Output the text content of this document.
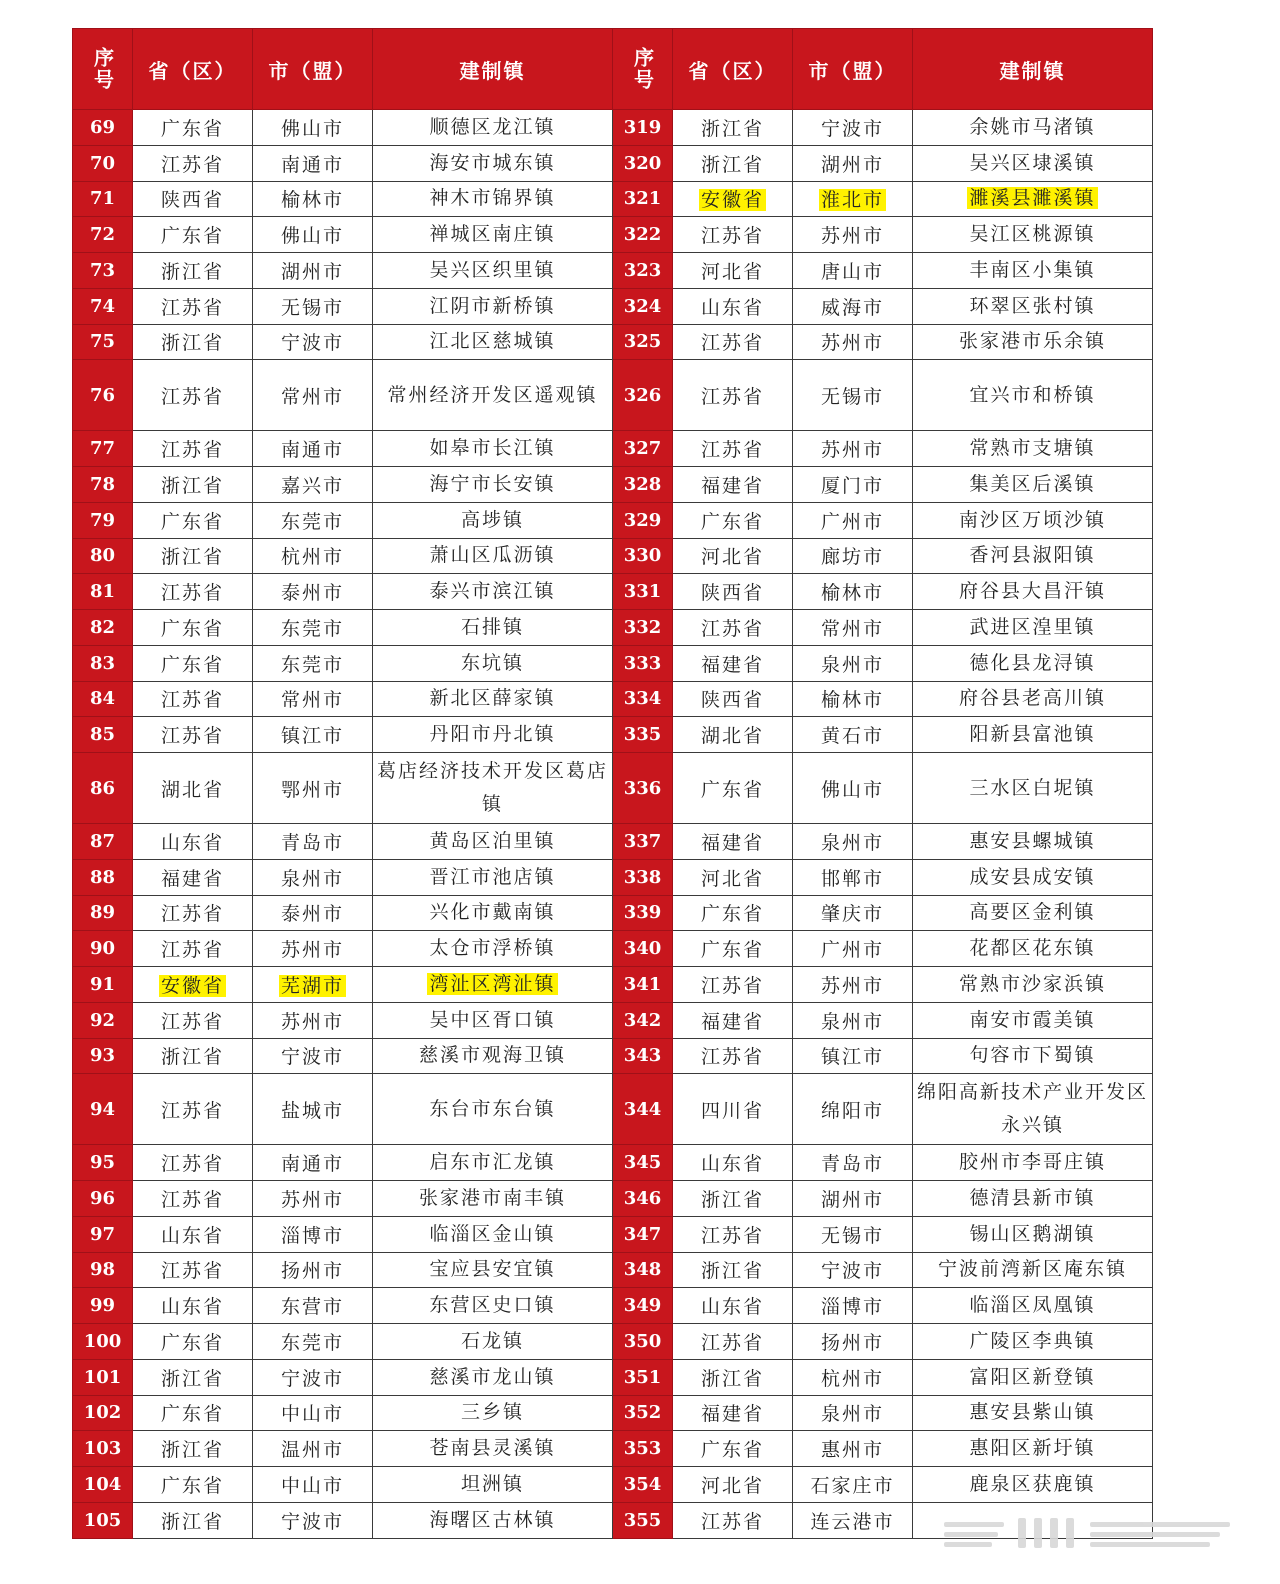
序号	省（区）	市（盟）	建制镇	序号	省（区）	市（盟）	建制镇
69	广东省	佛山市	顺德区龙江镇	319	浙江省	宁波市	余姚市马渚镇
70	江苏省	南通市	海安市城东镇	320	浙江省	湖州市	吴兴区埭溪镇
71	陕西省	榆林市	神木市锦界镇	321	安徽省	淮北市	濉溪县濉溪镇
72	广东省	佛山市	禅城区南庄镇	322	江苏省	苏州市	吴江区桃源镇
73	浙江省	湖州市	吴兴区织里镇	323	河北省	唐山市	丰南区小集镇
74	江苏省	无锡市	江阴市新桥镇	324	山东省	威海市	环翠区张村镇
75	浙江省	宁波市	江北区慈城镇	325	江苏省	苏州市	张家港市乐余镇
76	江苏省	常州市	常州经济开发区遥观镇	326	江苏省	无锡市	宜兴市和桥镇
77	江苏省	南通市	如皋市长江镇	327	江苏省	苏州市	常熟市支塘镇
78	浙江省	嘉兴市	海宁市长安镇	328	福建省	厦门市	集美区后溪镇
79	广东省	东莞市	高埗镇	329	广东省	广州市	南沙区万顷沙镇
80	浙江省	杭州市	萧山区瓜沥镇	330	河北省	廊坊市	香河县淑阳镇
81	江苏省	泰州市	泰兴市滨江镇	331	陕西省	榆林市	府谷县大昌汗镇
82	广东省	东莞市	石排镇	332	江苏省	常州市	武进区湟里镇
83	广东省	东莞市	东坑镇	333	福建省	泉州市	德化县龙浔镇
84	江苏省	常州市	新北区薛家镇	334	陕西省	榆林市	府谷县老高川镇
85	江苏省	镇江市	丹阳市丹北镇	335	湖北省	黄石市	阳新县富池镇
86	湖北省	鄂州市	葛店经济技术开发区葛店镇	336	广东省	佛山市	三水区白坭镇
87	山东省	青岛市	黄岛区泊里镇	337	福建省	泉州市	惠安县螺城镇
88	福建省	泉州市	晋江市池店镇	338	河北省	邯郸市	成安县成安镇
89	江苏省	泰州市	兴化市戴南镇	339	广东省	肇庆市	高要区金利镇
90	江苏省	苏州市	太仓市浮桥镇	340	广东省	广州市	花都区花东镇
91	安徽省	芜湖市	湾沚区湾沚镇	341	江苏省	苏州市	常熟市沙家浜镇
92	江苏省	苏州市	吴中区胥口镇	342	福建省	泉州市	南安市霞美镇
93	浙江省	宁波市	慈溪市观海卫镇	343	江苏省	镇江市	句容市下蜀镇
94	江苏省	盐城市	东台市东台镇	344	四川省	绵阳市	绵阳高新技术产业开发区永兴镇
95	江苏省	南通市	启东市汇龙镇	345	山东省	青岛市	胶州市李哥庄镇
96	江苏省	苏州市	张家港市南丰镇	346	浙江省	湖州市	德清县新市镇
97	山东省	淄博市	临淄区金山镇	347	江苏省	无锡市	锡山区鹅湖镇
98	江苏省	扬州市	宝应县安宜镇	348	浙江省	宁波市	宁波前湾新区庵东镇
99	山东省	东营市	东营区史口镇	349	山东省	淄博市	临淄区凤凰镇
100	广东省	东莞市	石龙镇	350	江苏省	扬州市	广陵区李典镇
101	浙江省	宁波市	慈溪市龙山镇	351	浙江省	杭州市	富阳区新登镇
102	广东省	中山市	三乡镇	352	福建省	泉州市	惠安县紫山镇
103	浙江省	温州市	苍南县灵溪镇	353	广东省	惠州市	惠阳区新圩镇
104	广东省	中山市	坦洲镇	354	河北省	石家庄市	鹿泉区获鹿镇
105	浙江省	宁波市	海曙区古林镇	355	江苏省	连云港市	
